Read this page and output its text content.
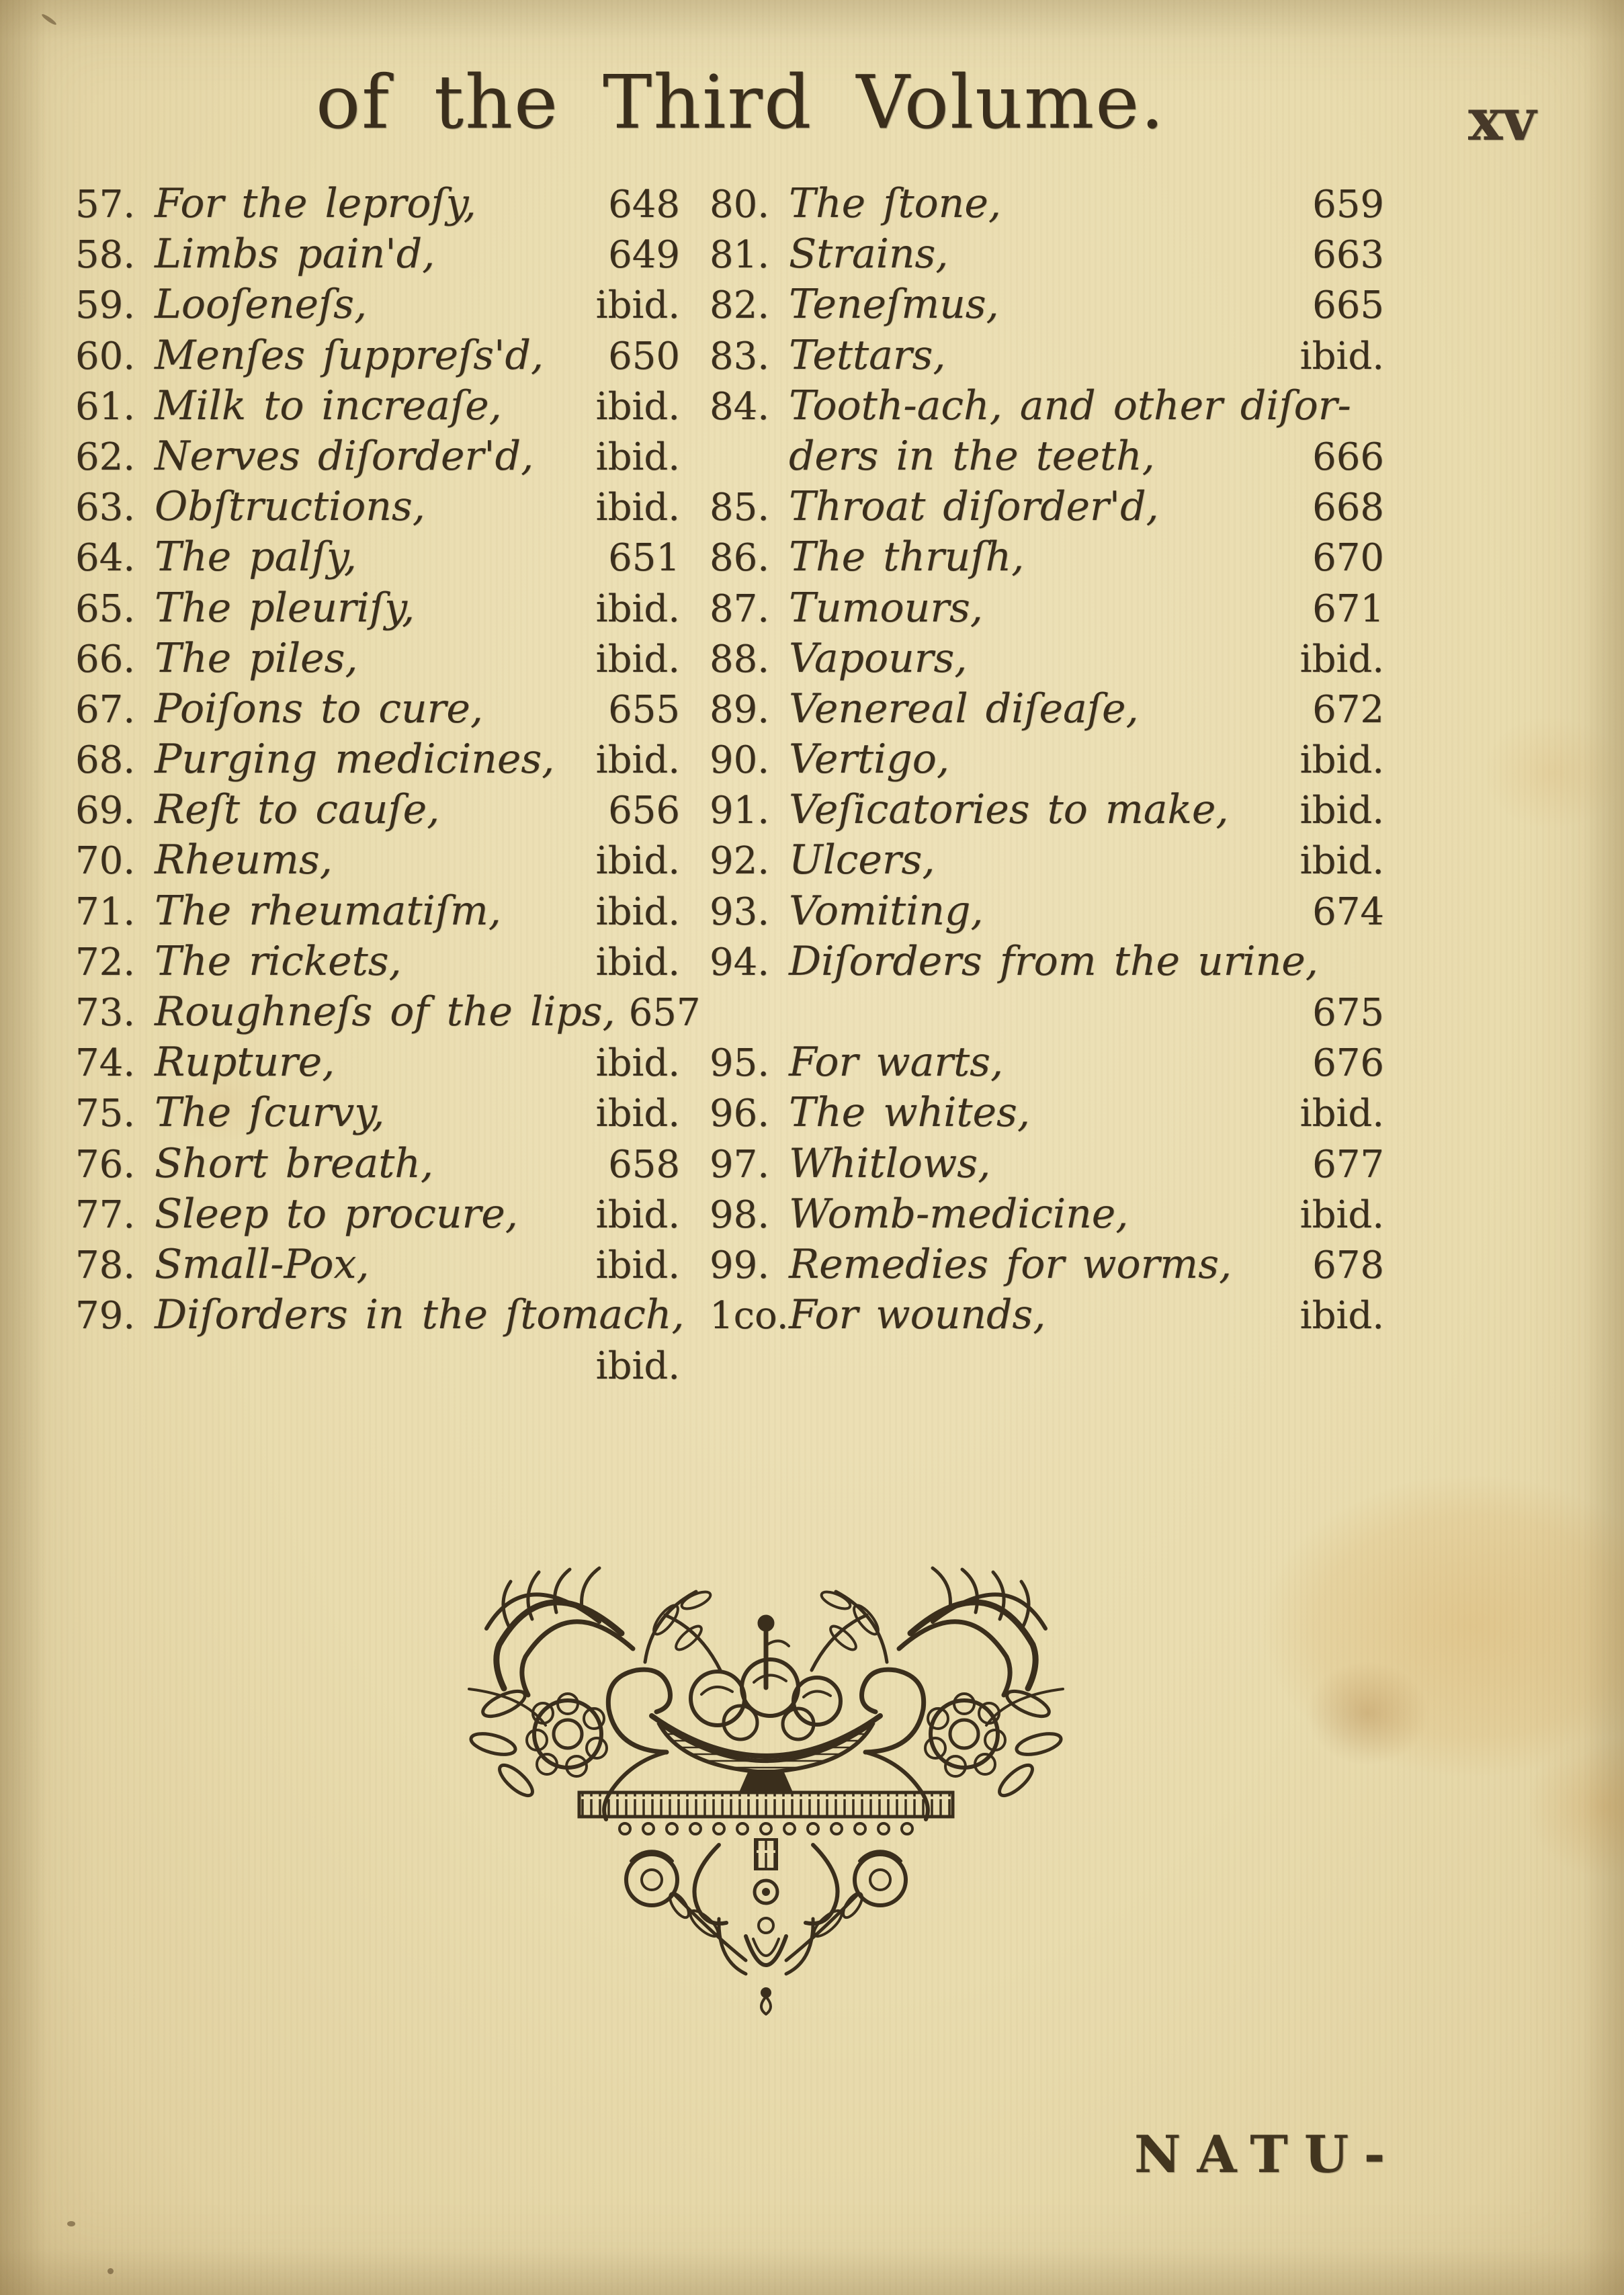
of the Third Volume.	xv
57. For the leproſy,	648
58. Limbs pain'd,	649
59. Looſeneſs,	ibid.
60. Menſes ſuppreſs'd,	650
61. Milk to increaſe,	ibid.
62. Nerves diſorder'd,	ibid.
63. Obſtructions,	ibid.
64. The palſy,	651
65. The pleuriſy,	ibid.
66. The piles,	ibid.
67. Poiſons to cure,	655
68. Purging medicines,	ibid.
69. Reſt to cauſe,	656
70. Rheums,	ibid.
71. The rheumatiſm,	ibid.
72. The rickets,	ibid.
73. Roughneſs of the lips, 657
74. Rupture,	ibid.
75. The ſcurvy,	ibid.
76. Short breath,	658
77. Sleep to procure,	ibid.
78. Small-Pox,	ibid.
79. Diſorders in the ſtomach,
ibid.
80. The ſtone,	659
81. Strains,	663
82. Teneſmus,	665
83. Tettars,	ibid.
84. Tooth-ach, and other diſor-
ders in the teeth,	666
85. Throat diſorder'd,	668
86. The thruſh,	670
87. Tumours,	671
88. Vapours,	ibid.
89. Venereal diſeaſe,	672
90. Vertigo,	ibid.
91. Veſicatories to make,	ibid.
92. Ulcers,	ibid.
93. Vomiting,	674
94. Diſorders from the urine,
675
95. For warts,	676
96. The whites,	ibid.
97. Whitlows,	677
98. Womb-medicine,	ibid.
99. Remedies for worms,	678
1co.For wounds,	ibid.
NATU-
